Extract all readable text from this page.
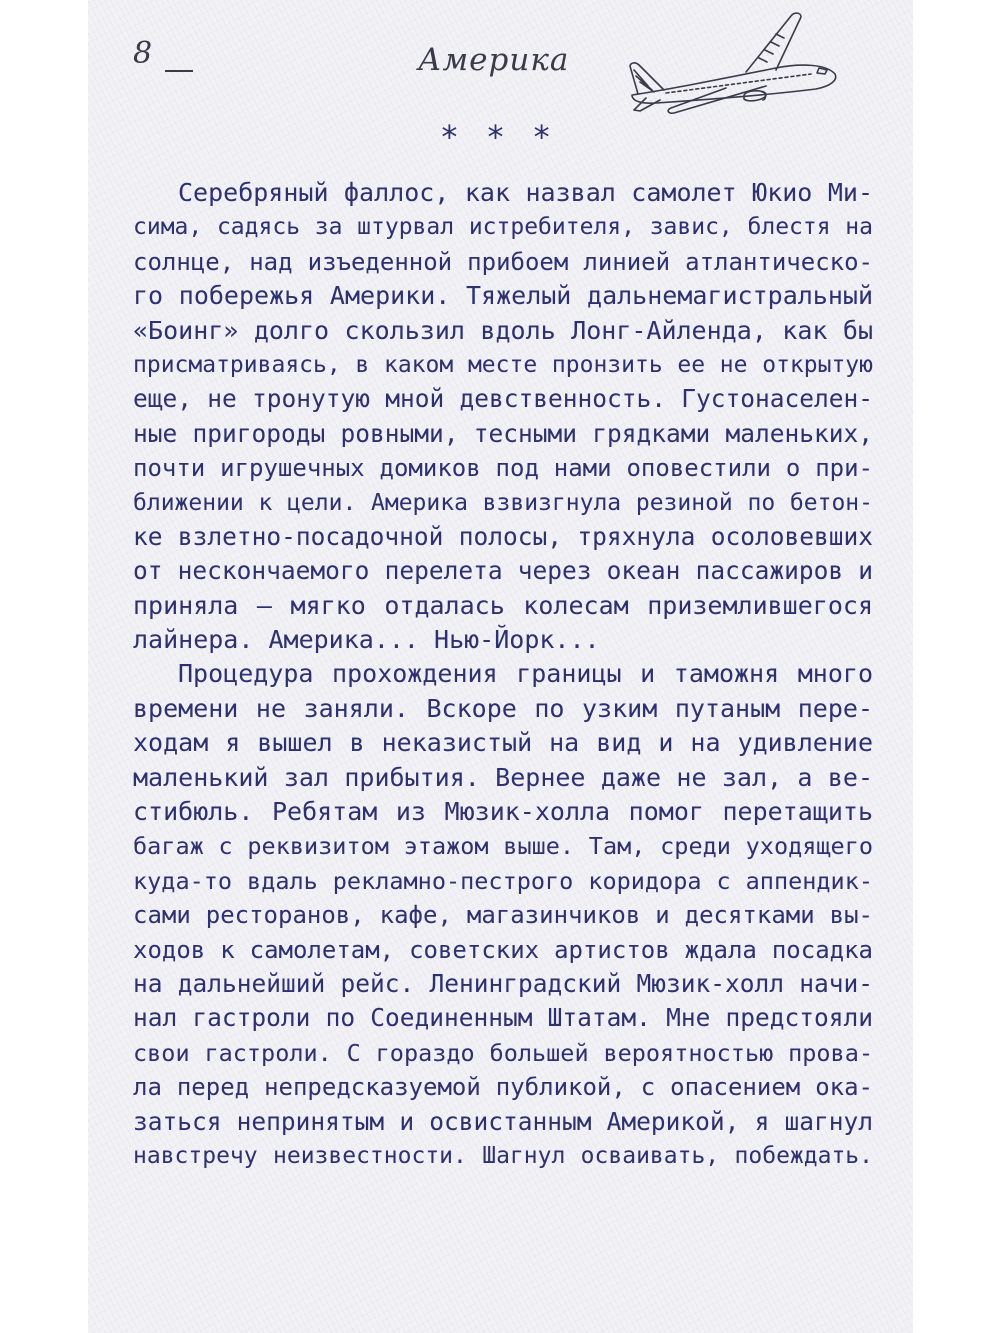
8	Америка
* * *
Серебряный фаллос, как назвал самолет Юкио Ми-
сима, садясь за штурвал истребителя, завис, блестя на
солнце, над изъеденной прибоем линией атлантическо-
го побережья Америки. Тяжелый дальнемагистральный
«Боинг» долго скользил вдоль Лонг-Айленда, как бы
присматриваясь, в каком месте пронзить ее не открытую
еще, не тронутую мной девственность. Густонаселен-
ные пригороды ровными, тесными грядками маленьких,
почти игрушечных домиков под нами оповестили о при-
ближении к цели. Америка взвизгнула резиной по бетон-
ке взлетно-посадочной полосы, тряхнула осоловевших
от нескончаемого перелета через океан пассажиров и
приняла — мягко отдалась колесам приземлившегося
лайнера. Америка... Нью-Йорк...
Процедура прохождения границы и таможня много
времени не заняли. Вскоре по узким путаным пере-
ходам я вышел в неказистый на вид и на удивление
маленький зал прибытия. Вернее даже не зал, а ве-
стибюль. Ребятам из Мюзик-холла помог перетащить
багаж с реквизитом этажом выше. Там, среди уходящего
куда-то вдаль рекламно-пестрого коридора с аппендик-
сами ресторанов, кафе, магазинчиков и десятками вы-
ходов к самолетам, советских артистов ждала посадка
на дальнейший рейс. Ленинградский Мюзик-холл начи-
нал гастроли по Соединенным Штатам. Мне предстояли
свои гастроли. С гораздо большей вероятностью прова-
ла перед непредсказуемой публикой, с опасением ока-
заться непринятым и освистанным Америкой, я шагнул
навстречу неизвестности. Шагнул осваивать, побеждать.
